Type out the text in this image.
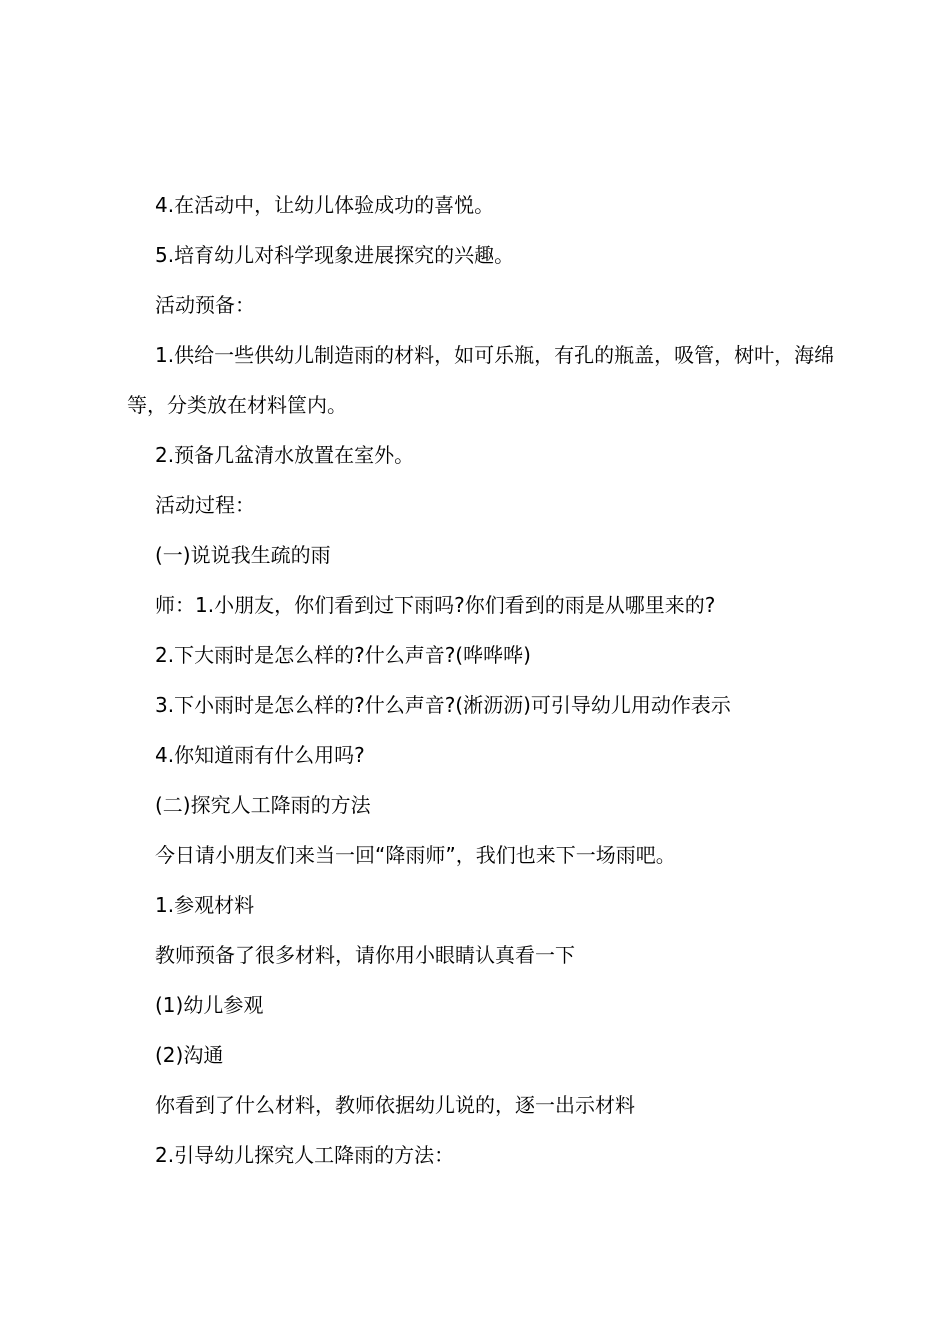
4.在活动中，让幼儿体验成功的喜悦。

5.培育幼儿对科学现象进展探究的兴趣。

活动预备：

1.供给一些供幼儿制造雨的材料，如可乐瓶，有孔的瓶盖，吸管，树叶，海绵等，分类放在材料筐内。

2.预备几盆清水放置在室外。

活动过程：

(一)说说我生疏的雨

师：1.小朋友，你们看到过下雨吗?你们看到的雨是从哪里来的?

2.下大雨时是怎么样的?什么声音?(哗哗哗)

3.下小雨时是怎么样的?什么声音?(淅沥沥)可引导幼儿用动作表示

4.你知道雨有什么用吗?

(二)探究人工降雨的方法

今日请小朋友们来当一回“降雨师”，我们也来下一场雨吧。

1.参观材料

教师预备了很多材料，请你用小眼睛认真看一下

(1)幼儿参观

(2)沟通

你看到了什么材料，教师依据幼儿说的，逐一出示材料

2.引导幼儿探究人工降雨的方法：
